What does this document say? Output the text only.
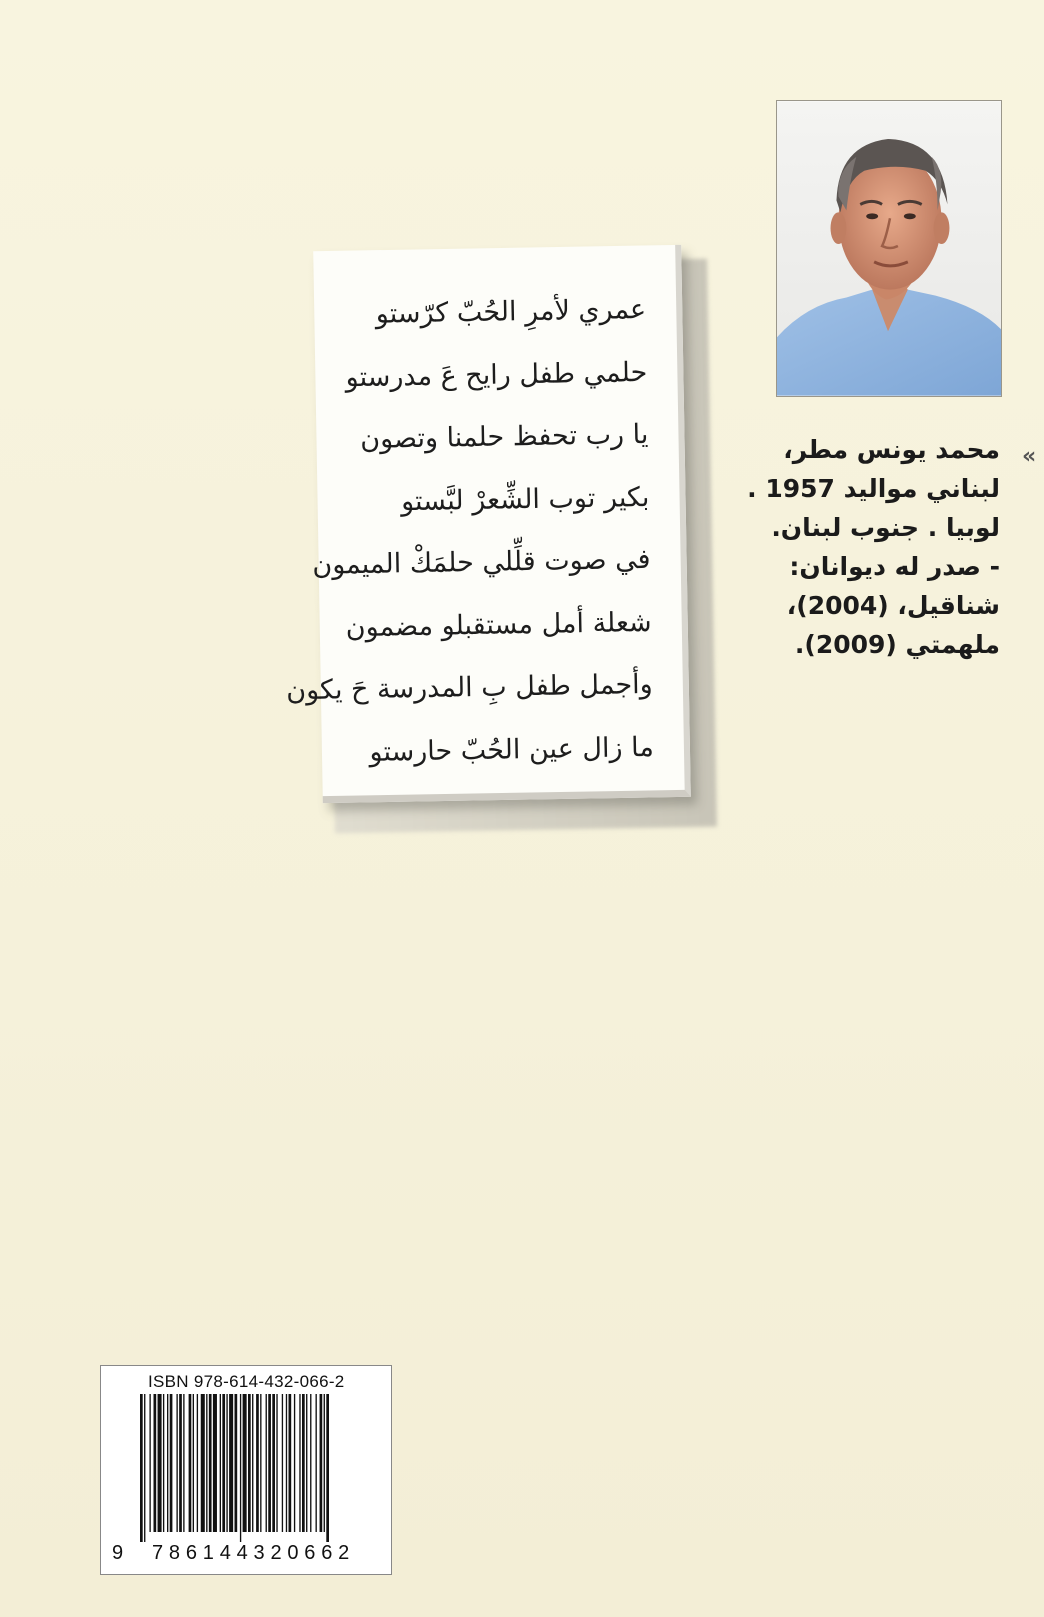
«
محمد يونس مطر،
لبناني مواليد 1957 .
لوبيا . جنوب لبنان.
- صدر له ديوانان:
شناقيل، (2004)،
ملهمتي (2009).
عمري لأمرِ الحُبّ كرّستو
حلمي طفل رايح عَ مدرستو
يا رب تحفظ حلمنا وتصون
بكير توب الشِّعرْ لبَّستو
في صوت قلِّلي حلمَكْ الميمون
شعلة أمل مستقبلو مضمون
وأجمل طفل بِ المدرسة حَ يكون
ما زال عين الحُبّ حارستو
ISBN 978-614-432-066-2
9 786144320662
